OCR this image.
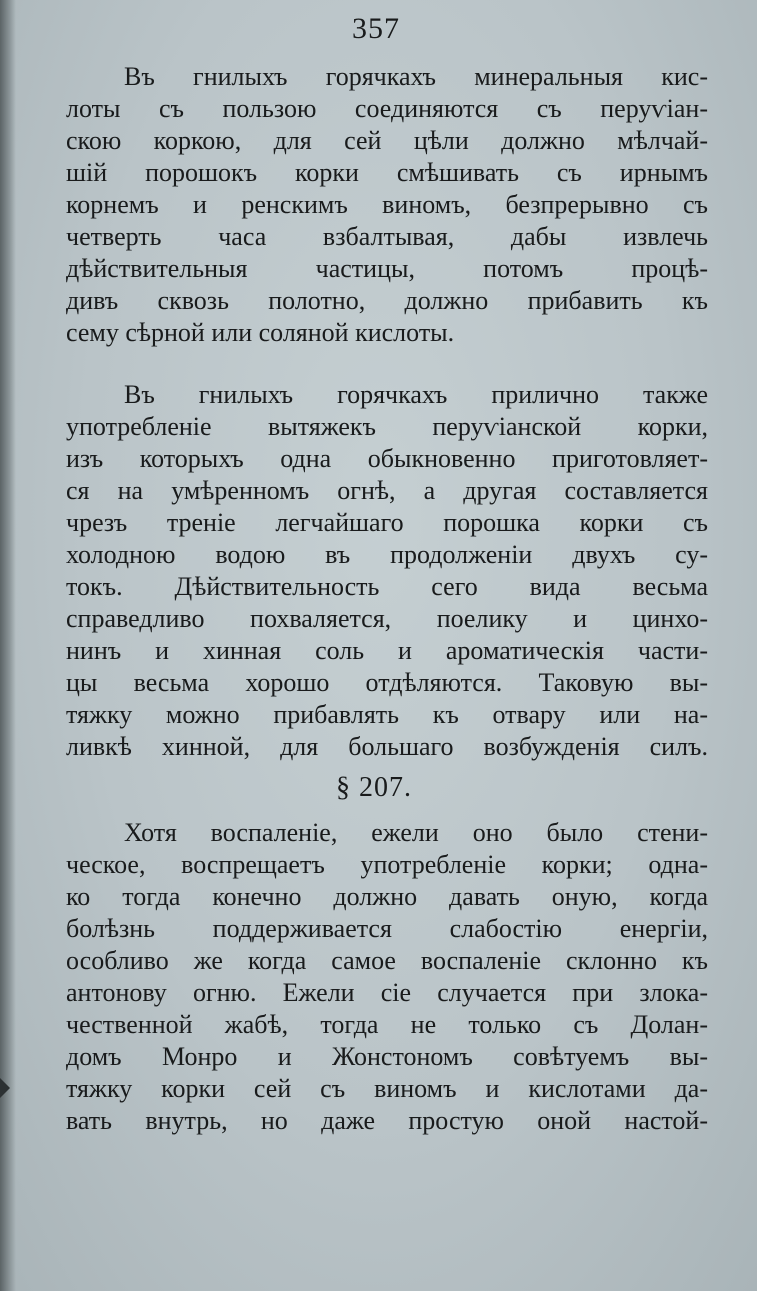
357
Въ гнилыхъ горячкахъ минеральныя кис-
лоты съ пользою соединяются съ перуѵіан-
скою коркою, для сей цѣли должно мѣлчай-
шій порошокъ корки смѣшивать съ ирнымъ
корнемъ и ренскимъ виномъ, безпрерывно съ
четверть часа взбалтывая, дабы извлечь
дѣйствительныя частицы, потомъ процѣ-
дивъ сквозь полотно, должно прибавить къ
сему сѣрной или соляной кислоты.
Въ гнилыхъ горячкахъ прилично также
употребленіе вытяжекъ перуѵіанской корки,
изъ которыхъ одна обыкновенно приготовляет-
ся на умѣренномъ огнѣ, а другая составляется
чрезъ треніе легчайшаго порошка корки съ
холодною водою въ продолженіи двухъ су-
токъ. Дѣйствительность сего вида весьма
справедливо похваляется, поелику и цинхо-
нинъ и хинная соль и ароматическія части-
цы весьма хорошо отдѣляются. Таковую вы-
тяжку можно прибавлять къ отвару или на-
ливкѣ хинной, для большаго возбужденія силъ.
§ 207.
Хотя воспаленіе, ежели оно было стени-
ческое, воспрещаетъ употребленіе корки; одна-
ко тогда конечно должно давать оную, когда
болѣзнь поддерживается слабостію енергіи,
особливо же когда самое воспаленіе склонно къ
антонову огню. Ежели сіе случается при злока-
чественной жабѣ, тогда не только съ Долан-
домъ Монро и Жонстономъ совѣтуемъ вы-
тяжку корки сей съ виномъ и кислотами да-
вать внутрь, но даже простую оной настой-
